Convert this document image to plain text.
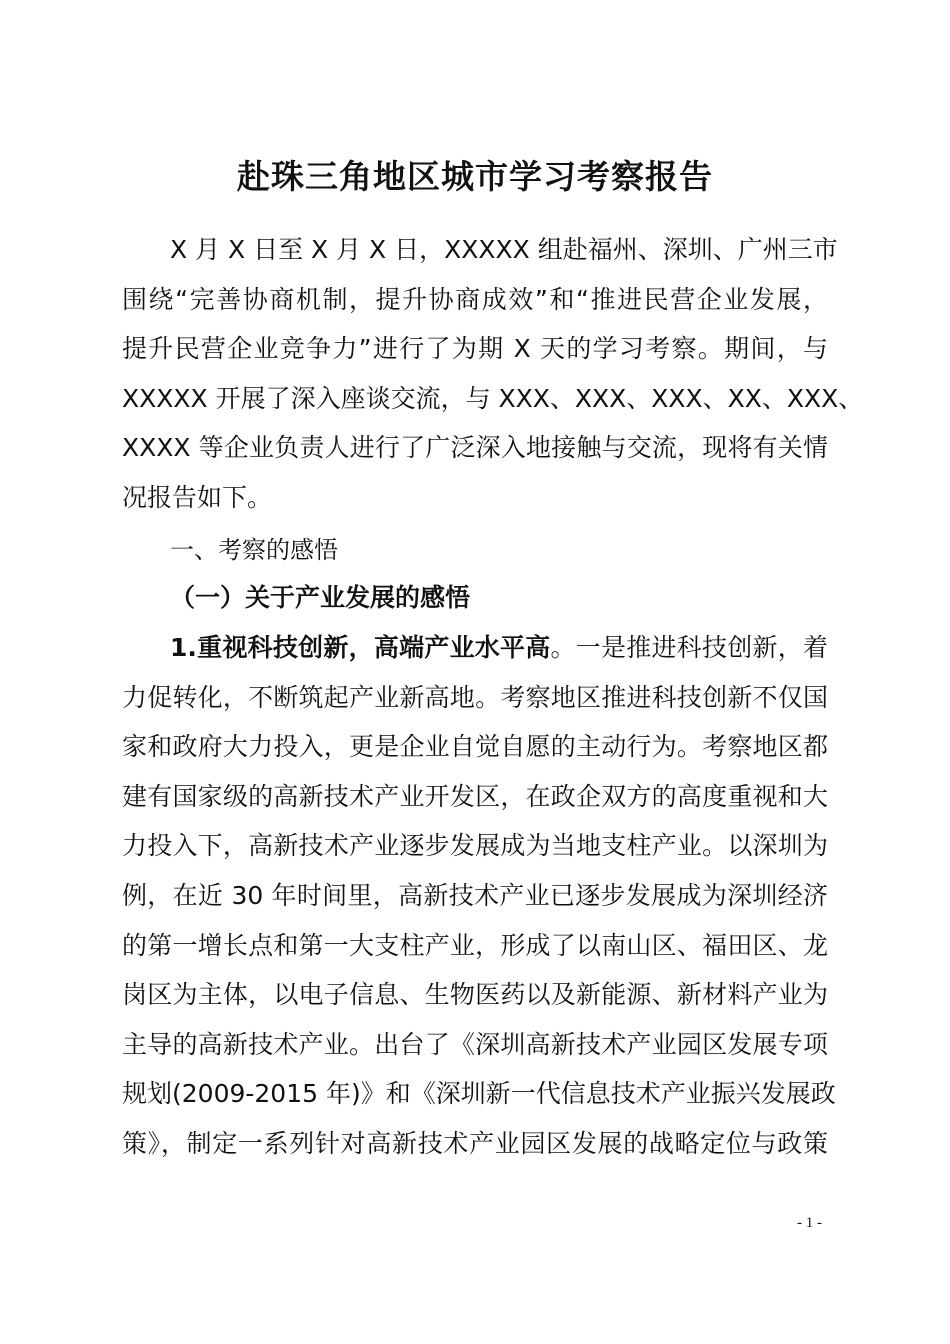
赴珠三角地区城市学习考察报告
X 月 X 日至 X 月 X 日，XXXXX 组赴福州、深圳、广州三市
围绕“完善协商机制，提升协商成效”和“推进民营企业发展，
提升民营企业竞争力”进行了为期 X 天的学习考察。期间，与
XXXXX 开展了深入座谈交流，与 XXX、XXX、XXX、XX、XXX、
XXXX 等企业负责人进行了广泛深入地接触与交流，现将有关情
况报告如下。
一、考察的感悟
（一）关于产业发展的感悟
1.重视科技创新，高端产业水平高。一是推进科技创新，着
力促转化，不断筑起产业新高地。考察地区推进科技创新不仅国
家和政府大力投入，更是企业自觉自愿的主动行为。考察地区都
建有国家级的高新技术产业开发区，在政企双方的高度重视和大
力投入下，高新技术产业逐步发展成为当地支柱产业。以深圳为
例，在近 30 年时间里，高新技术产业已逐步发展成为深圳经济
的第一增长点和第一大支柱产业，形成了以南山区、福田区、龙
岗区为主体，以电子信息、生物医药以及新能源、新材料产业为
主导的高新技术产业。出台了《深圳高新技术产业园区发展专项
规划(2009-2015 年)》和《深圳新一代信息技术产业振兴发展政
策》，制定一系列针对高新技术产业园区发展的战略定位与政策
- 1 -
